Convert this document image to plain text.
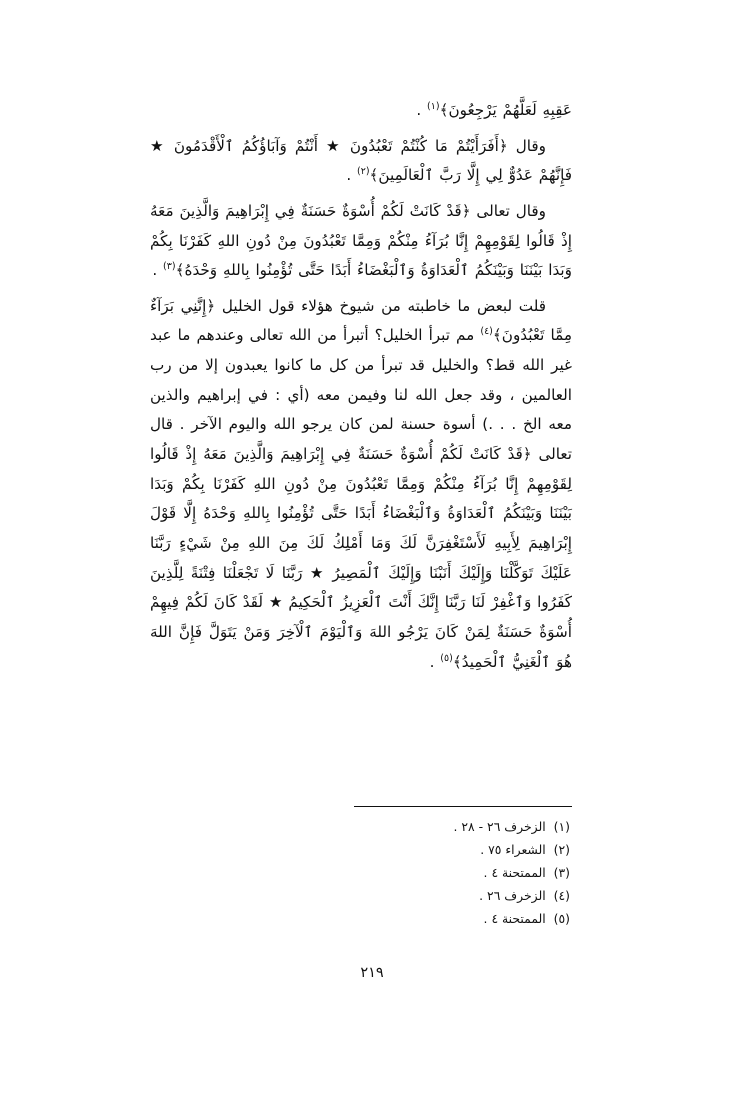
عَقِبِهِ لَعَلَّهُمْ يَرْجِعُونَ﴾$^{(١)}$ .

وقال ﴿أَفَرَأَيْتُمْ مَا كُنْتُمْ تَعْبُدُونَ ★ أَنْتُمْ وَآبَاؤُكُمُ ٱلْأَقْدَمُونَ ★ فَإِنَّهُمْ عَدُوٌّ لِي إِلَّا رَبَّ ٱلْعَالَمِينَ﴾$^{(٢)}$ .

وقال تعالى ﴿قَدْ كَانَتْ لَكُمْ أُسْوَةٌ حَسَنَةٌ فِي إِبْرَاهِيمَ وَالَّذِينَ مَعَهُ إِذْ قَالُوا لِقَوْمِهِمْ إِنَّا بُرَآءُ مِنْكُمْ وَمِمَّا تَعْبُدُونَ مِنْ دُونِ اللهِ كَفَرْنَا بِكُمْ وَبَدَا بَيْنَنَا وَبَيْنَكُمُ ٱلْعَدَاوَةُ وَٱلْبَغْضَاءُ أَبَدًا حَتَّى تُؤْمِنُوا بِاللهِ وَحْدَهُ﴾$^{(٣)}$ .

قلت لبعض ما خاطبته من شيوخ هؤلاء قول الخليل ﴿إِنَّنِي بَرَآءٌ مِمَّا تَعْبُدُونَ﴾$^{(٤)}$ مم تبرأ الخليل؟ أتبرأ من الله تعالى وعندهم ما عبد غير الله قط؟ والخليل قد تبرأ من كل ما كانوا يعبدون إلا من رب العالمين ، وقد جعل الله لنا وفيمن معه (أي : في إبراهيم والذين معه الخ . . .) أسوة حسنة لمن كان يرجو الله واليوم الآخر . قال تعالى ﴿قَدْ كَانَتْ لَكُمْ أُسْوَةٌ حَسَنَةٌ فِي إِبْرَاهِيمَ وَالَّذِينَ مَعَهُ إِذْ قَالُوا لِقَوْمِهِمْ إِنَّا بُرَآءُ مِنْكُمْ وَمِمَّا تَعْبُدُونَ مِنْ دُونِ اللهِ كَفَرْنَا بِكُمْ وَبَدَا بَيْنَنَا وَبَيْنَكُمُ ٱلْعَدَاوَةُ وَٱلْبَغْضَاءُ أَبَدًا حَتَّى تُؤْمِنُوا بِاللهِ وَحْدَهُ إِلَّا قَوْلَ إِبْرَاهِيمَ لِأَبِيهِ لَأَسْتَغْفِرَنَّ لَكَ وَمَا أَمْلِكُ لَكَ مِنَ اللهِ مِنْ شَيْءٍ رَبَّنَا عَلَيْكَ تَوَكَّلْنَا وَإِلَيْكَ أَنَبْنَا وَإِلَيْكَ ٱلْمَصِيرُ ★ رَبَّنَا لَا تَجْعَلْنَا فِتْنَةً لِلَّذِينَ كَفَرُوا وَٱغْفِرْ لَنَا رَبَّنَا إِنَّكَ أَنْتَ ٱلْعَزِيزُ ٱلْحَكِيمُ ★ لَقَدْ كَانَ لَكُمْ فِيهِمْ أُسْوَةٌ حَسَنَةٌ لِمَنْ كَانَ يَرْجُو اللهَ وَٱلْيَوْمَ ٱلْآخِرَ وَمَنْ يَتَوَلَّ فَإِنَّ اللهَ هُوَ ٱلْغَنِيُّ ٱلْحَمِيدُ﴾$^{(٥)}$ .

(١) الزخرف ٢٦ - ٢٨ .

(٢) الشعراء ٧٥ .

(٣) الممتحنة ٤ .

(٤) الزخرف ٢٦ .

(٥) الممتحنة ٤ .

٢١٩
